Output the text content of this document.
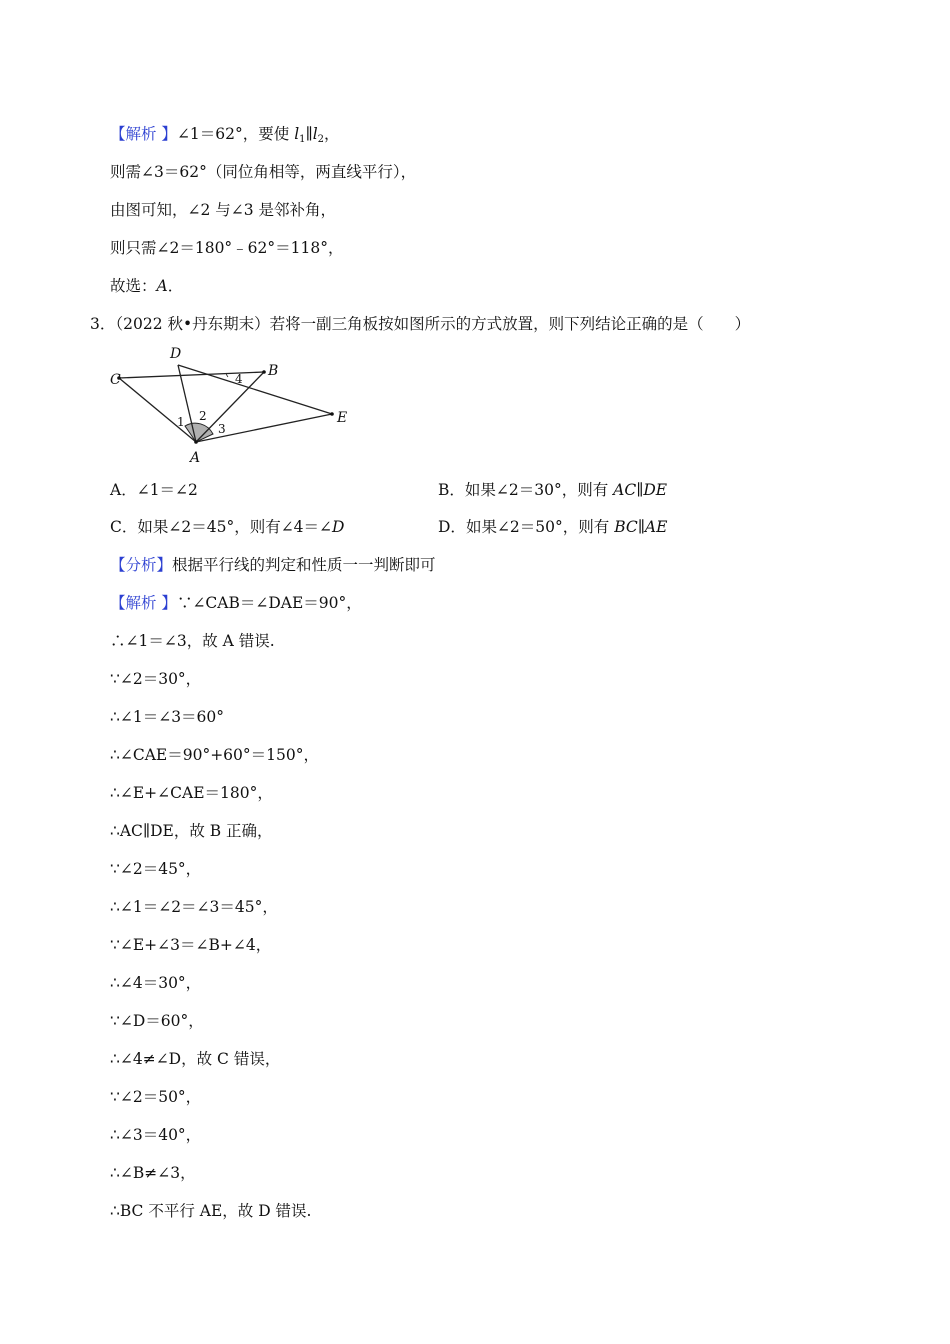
【解析 】∠1＝62°，要使 $l_1\parallel l_2$，
则需∠3＝62°（同位角相等，两直线平行），
由图可知，∠2 与∠3 是邻补角，
则只需∠2＝180°﹣62°＝118°，
故选：A．
3．（2022 秋•丹东期末）若将一副三角板按如图所示的方式放置，则下列结论正确的是（　　）
D
B
C
E
A
1 2
3
4
A．∠1＝∠2	B．如果∠2＝30°，则有 AC∥DE
C．如果∠2＝45°，则有∠4＝∠D	D．如果∠2＝50°，则有 BC∥AE
【分析】根据平行线的判定和性质一一判断即可
【解析 】∵∠CAB＝∠DAE＝90°，
∴∠1＝∠3，故 A 错误.
∵∠2＝30°，
∴∠1＝∠3＝60°
∴∠CAE＝90°+60°＝150°，
∴∠E+∠CAE＝180°，
∴AC∥DE，故 B 正确，
∵∠2＝45°，
∴∠1＝∠2＝∠3＝45°，
∵∠E+∠3＝∠B+∠4，
∴∠4＝30°，
∵∠D＝60°，
∴∠4≠∠D，故 C 错误，
∵∠2＝50°，
∴∠3＝40°，
∴∠B≠∠3，
∴BC 不平行 AE，故 D 错误.
